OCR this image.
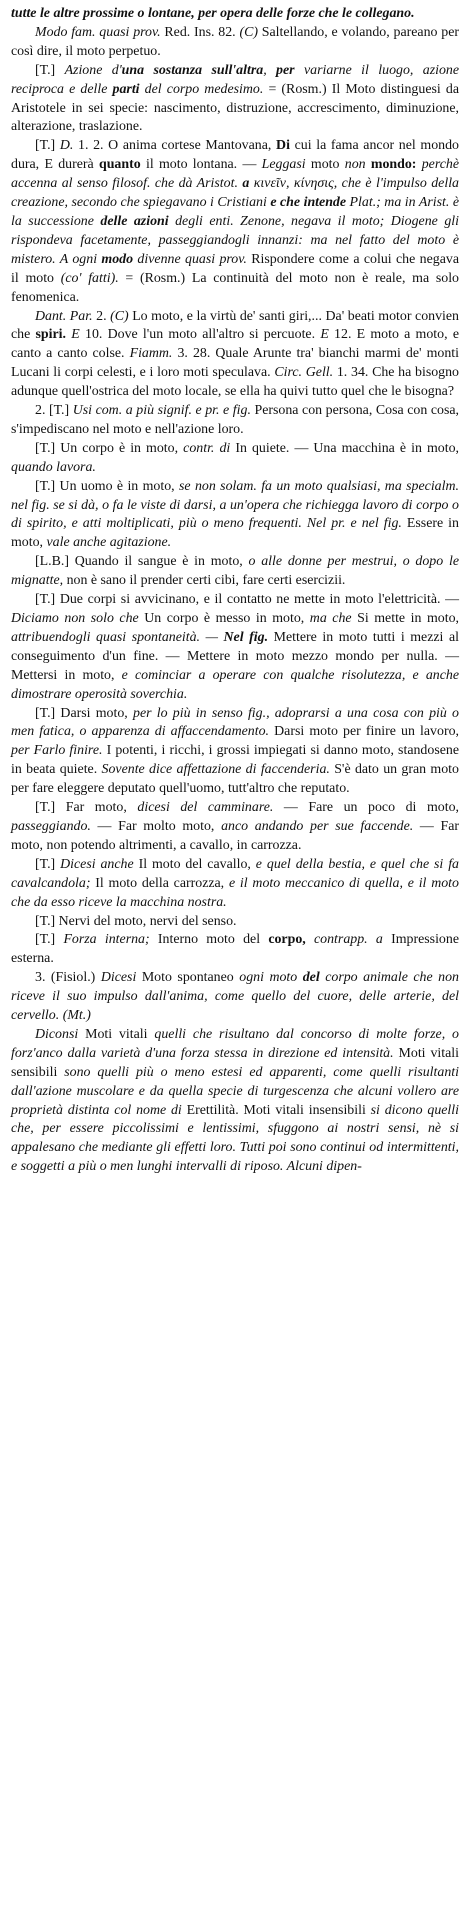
tutte le altre prossime o lontane, per opera delle forze che le collegano.

Modo fam. quasi prov. Red. Ins. 82. (C) Saltellando, e volando, pareano per così dire, il moto perpetuo.

[T.] Azione d'una sostanza sull'altra, per variarne il luogo, azione reciproca e delle parti del corpo medesimo. = (Rosm.) Il Moto distinguesi da Aristotele in sei specie: nascimento, distruzione, accrescimento, diminuzione, alterazione, traslazione.

[T.] D. 1. 2. O anima cortese Mantovana, Di cui la fama ancor nel mondo dura, E durerà quanto il moto lontana. — Leggasi moto non mondo: perchè accenna al senso filosof. che dà Aristot. a κινεῖν, κίνησις, che è l'impulso della creazione, secondo che spiegavano i Cristiani e che intende Plat.; ma in Arist. è la successione delle azioni degli enti. Zenone, negava il moto; Diogene gli rispondeva facetamente, passeggiandogli innanzi: ma nel fatto del moto è mistero. A ogni modo divenne quasi prov. Rispondere come a colui che negava il moto (co' fatti). = (Rosm.) La continuità del moto non è reale, ma solo fenomenica.

Dant. Par. 2. (C) Lo moto, e la virtù de' santi giri,... Da' beati motor convien che spiri. E 10. Dove l'un moto all'altro si percuote. E 12. E moto a moto, e canto a canto colse. Fiamm. 3. 28. Quale Arunte tra' bianchi marmi de' monti Lucani li corpi celesti, e i loro moti speculava. Circ. Gell. 1. 34. Che ha bisogno adunque quell'ostrica del moto locale, se ella ha quivi tutto quel che le bisogna?

2. [T.] Usi com. a più signif. e pr. e fig. Persona con persona, Cosa con cosa, s'impediscano nel moto e nell'azione loro.

[T.] Un corpo è in moto, contr. di In quiete. — Una macchina è in moto, quando lavora.

[T.] Un uomo è in moto, se non solam. fa un moto qualsiasi, ma specialm. nel fig. se si dà, o fa le viste di darsi, a un'opera che richiegga lavoro di corpo o di spirito, e atti moltiplicati, più o meno frequenti. Nel pr. e nel fig. Essere in moto, vale anche agitazione.

[L.B.] Quando il sangue è in moto, o alle donne per mestrui, o dopo le mignatte, non è sano il prender certi cibi, fare certi esercizii.

[T.] Due corpi si avvicinano, e il contatto ne mette in moto l'elettricità. — Diciamo non solo che Un corpo è messo in moto, ma che Si mette in moto, attribuendogli quasi spontaneità. — Nel fig. Mettere in moto tutti i mezzi al conseguimento d'un fine. — Mettere in moto mezzo mondo per nulla. — Mettersi in moto, e cominciar a operare con qualche risolutezza, e anche dimostrare operosità soverchia.

[T.] Darsi moto, per lo più in senso fig., adoprarsi a una cosa con più o men fatica, o apparenza di affaccendamento. Darsi moto per finire un lavoro, per Farlo finire. I potenti, i ricchi, i grossi impiegati si danno moto, standosene in beata quiete. Sovente dice affettazione di faccenderia. S'è dato un gran moto per fare eleggere deputato quell'uomo, tutt'altro che reputato.

[T.] Far moto, dicesi del camminare. — Fare un poco di moto, passeggiando. — Far molto moto, anco andando per sue faccende. — Far moto, non potendo altrimenti, a cavallo, in carrozza.

[T.] Dicesi anche Il moto del cavallo, e quel della bestia, e quel che si fa cavalcandola; Il moto della carrozza, e il moto meccanico di quella, e il moto che da esso riceve la macchina nostra.

[T.] Nervi del moto, nervi del senso.

[T.] Forza interna; Interno moto del corpo, contrapp. a Impressione esterna.

3. (Fisiol.) Dicesi Moto spontaneo ogni moto del corpo animale che non riceve il suo impulso dall'anima, come quello del cuore, delle arterie, del cervello. (Mt.)

Diconsi Moti vitali quelli che risultano dal concorso di molte forze, o forz'anco dalla varietà d'una forza stessa in direzione ed intensità. Moti vitali sensibili sono quelli più o meno estesi ed apparenti, come quelli risultanti dall'azione muscolare e da quella specie di turgescenza che alcuni vollero are proprietà distinta col nome di Erettilità. Moti vitali insensibili si dicono quelli che, per essere piccolissimi e lentissimi, sfuggono ai nostri sensi, nè si appalesano che mediante gli effetti loro. Tutti poi sono continui od intermittenti, e soggetti a più o men lunghi intervalli di riposo. Alcuni dipen-
